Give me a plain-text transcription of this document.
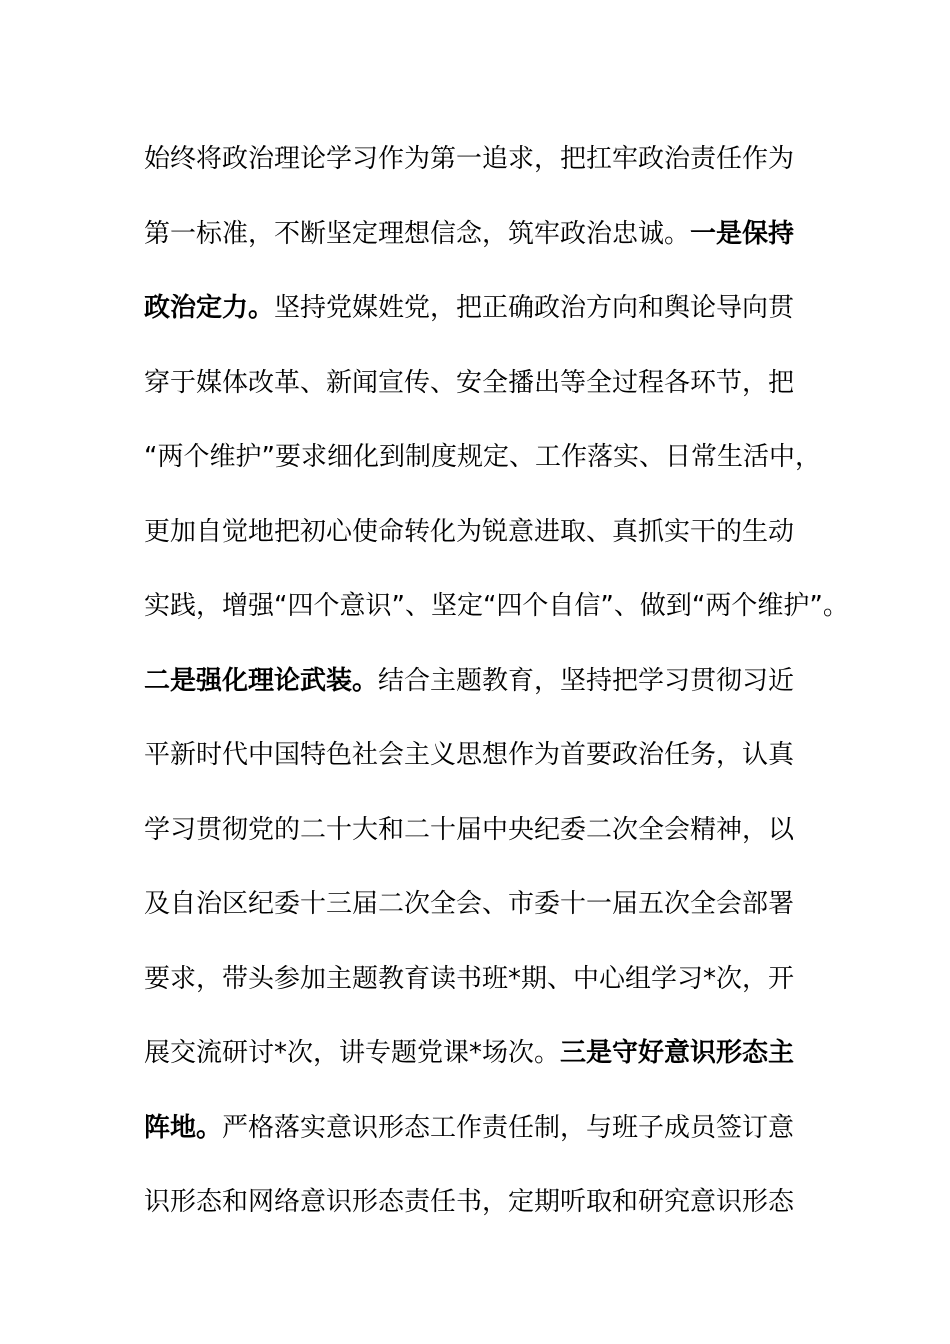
始终将政治理论学习作为第一追求，把扛牢政治责任作为
第一标准，不断坚定理想信念，筑牢政治忠诚。一是保持
政治定力。坚持党媒姓党，把正确政治方向和舆论导向贯
穿于媒体改革、新闻宣传、安全播出等全过程各环节，把
“两个维护”要求细化到制度规定、工作落实、日常生活中，
更加自觉地把初心使命转化为锐意进取、真抓实干的生动
实践，增强“四个意识”、坚定“四个自信”、做到“两个维护”。
二是强化理论武装。结合主题教育，坚持把学习贯彻习近
平新时代中国特色社会主义思想作为首要政治任务，认真
学习贯彻党的二十大和二十届中央纪委二次全会精神，以
及自治区纪委十三届二次全会、市委十一届五次全会部署
要求，带头参加主题教育读书班*期、中心组学习*次，开
展交流研讨*次，讲专题党课*场次。三是守好意识形态主
阵地。严格落实意识形态工作责任制，与班子成员签订意
识形态和网络意识形态责任书，定期听取和研究意识形态
